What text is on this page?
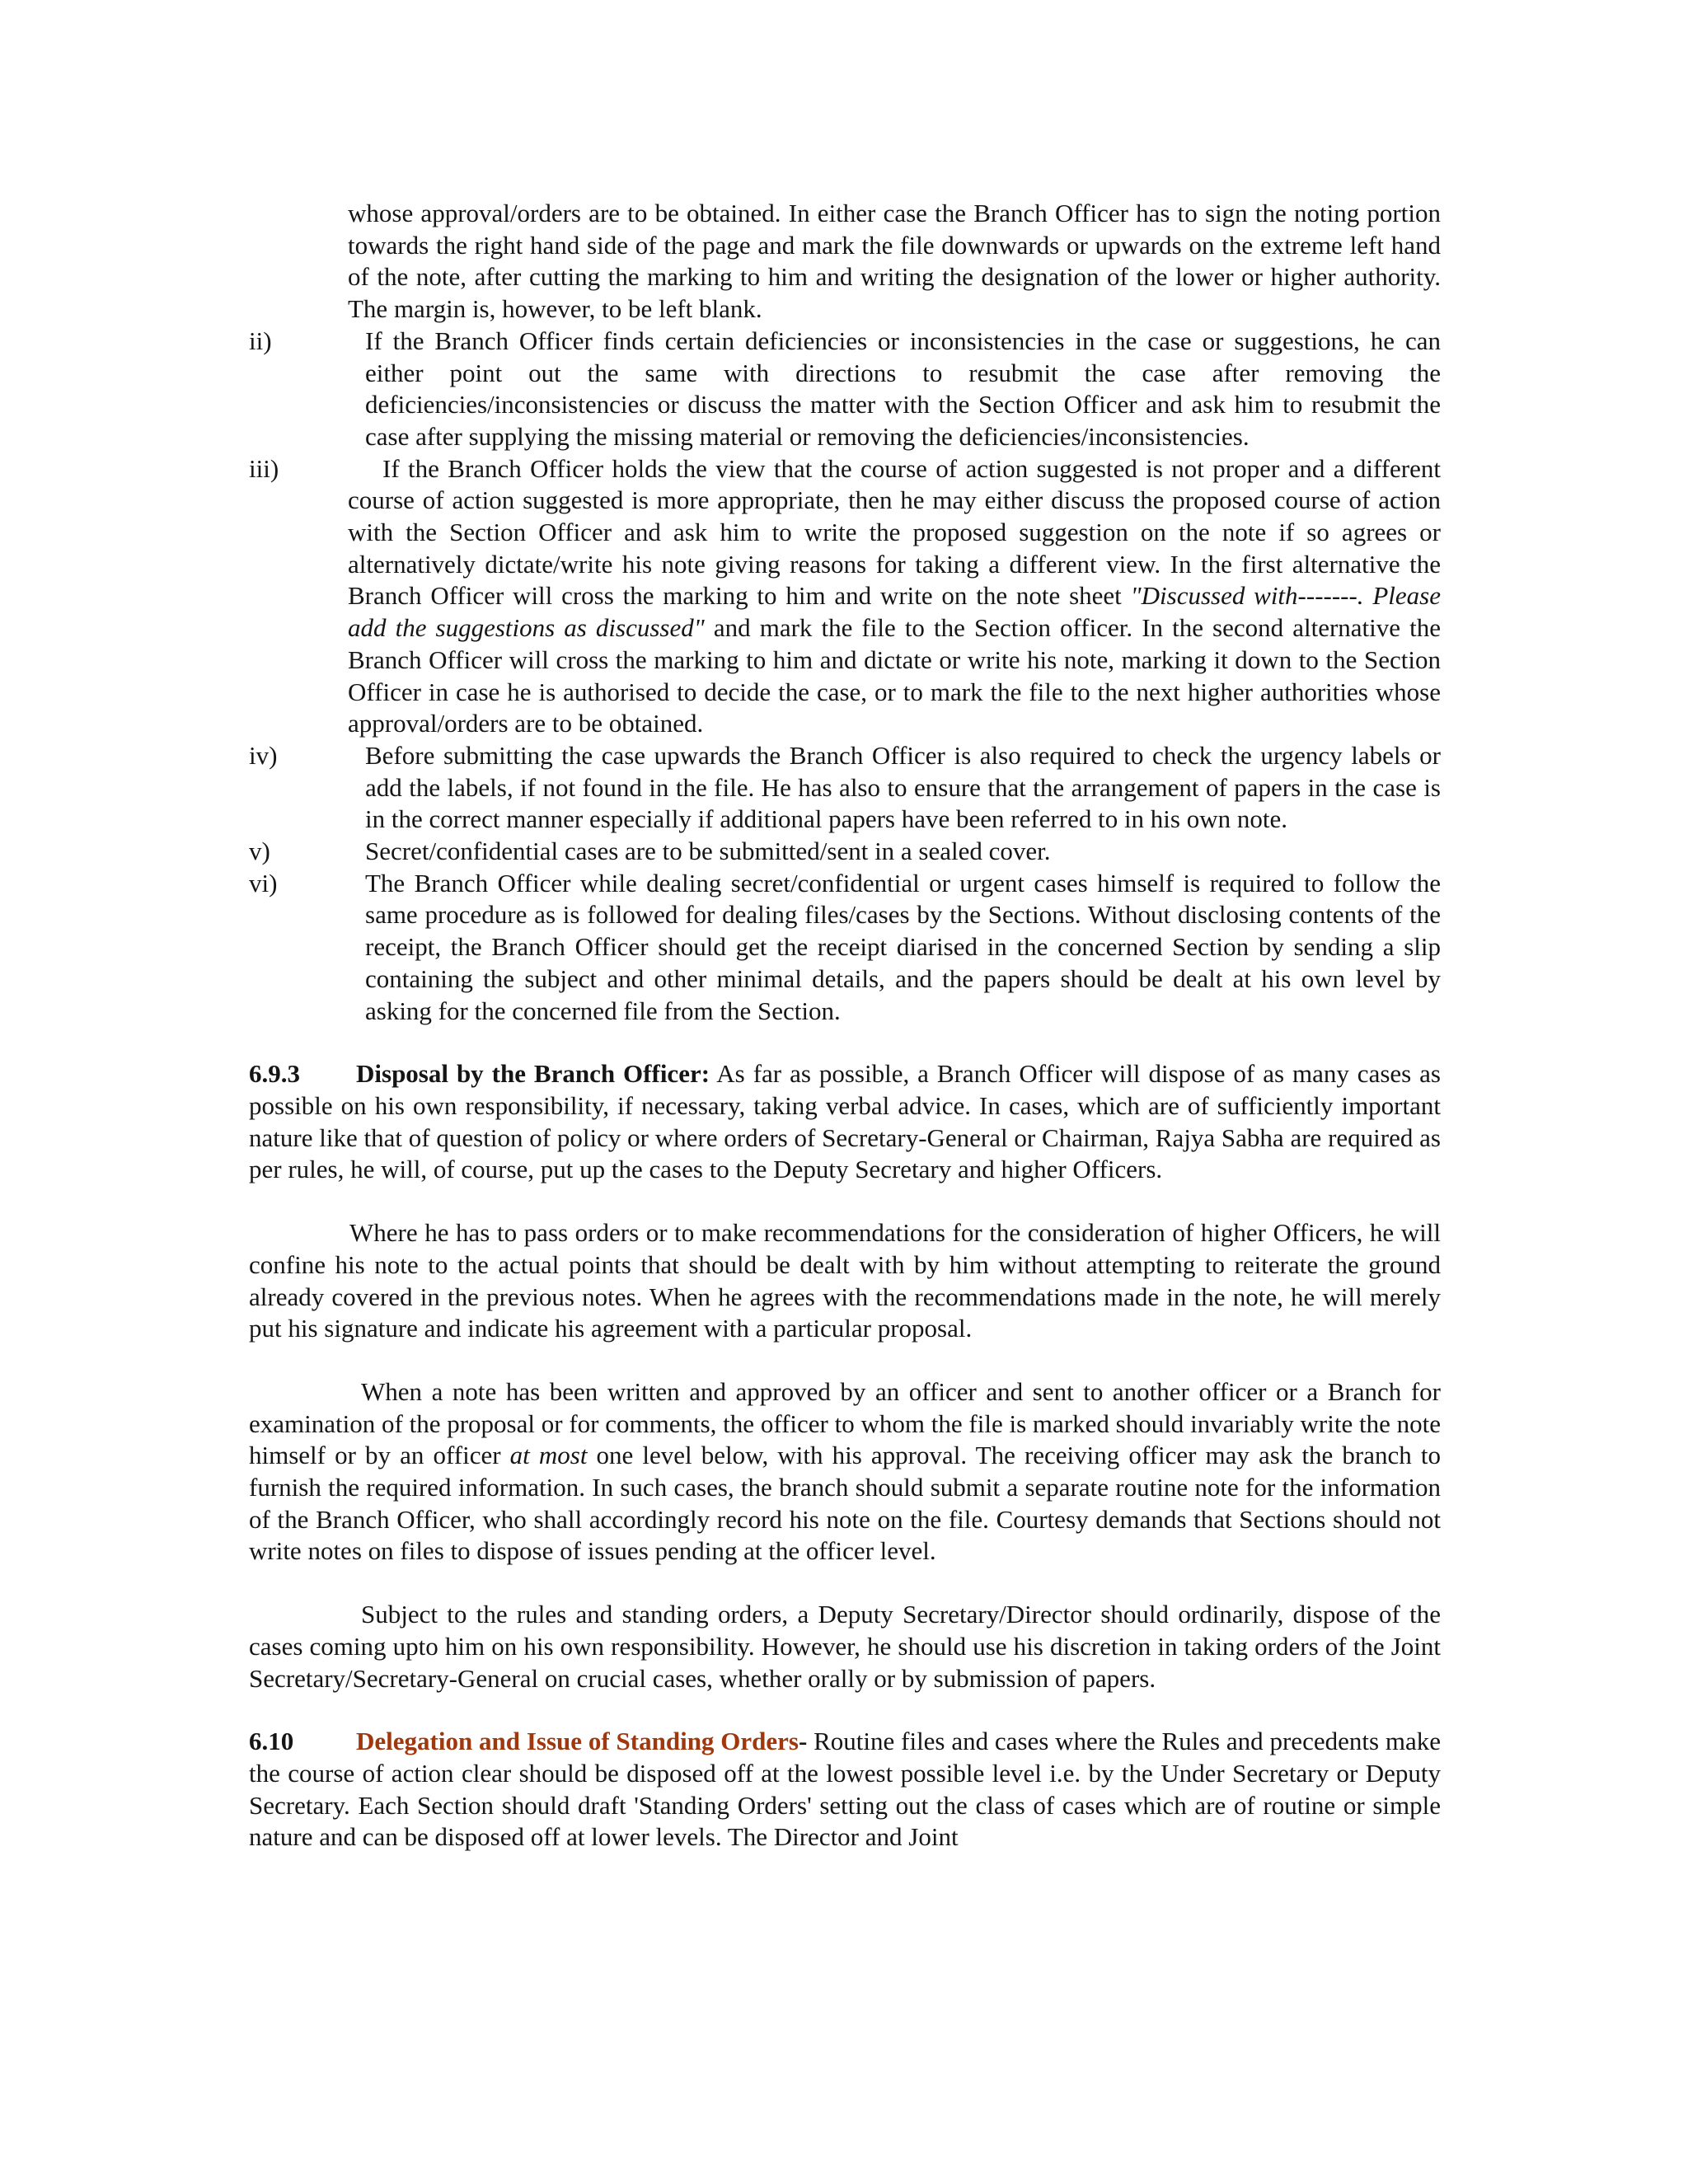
whose approval/orders are to be obtained. In either case the Branch Officer has to sign the noting portion towards the right hand side of the page and mark the file downwards or upwards on the extreme left hand of the note, after cutting the marking to him and writing the designation of the lower or higher authority. The margin is, however, to be left blank.

ii)	If the Branch Officer finds certain deficiencies or inconsistencies in the case or suggestions, he can either point out the same with directions to resubmit the case after removing the deficiencies/inconsistencies or discuss the matter with the Section Officer and ask him to resubmit the case after supplying the missing material or removing the deficiencies/inconsistencies.

iii)	If the Branch Officer holds the view that the course of action suggested is not proper and a different course of action suggested is more appropriate, then he may either discuss the proposed course of action with the Section Officer and ask him to write the proposed suggestion on the note if so agrees or alternatively dictate/write his note giving reasons for taking a different view. In the first alternative the Branch Officer will cross the marking to him and write on the note sheet "Discussed with-------. Please add the suggestions as discussed" and mark the file to the Section officer. In the second alternative the Branch Officer will cross the marking to him and dictate or write his note, marking it down to the Section Officer in case he is authorised to decide the case, or to mark the file to the next higher authorities whose approval/orders are to be obtained.

iv)	Before submitting the case upwards the Branch Officer is also required to check the urgency labels or add the labels, if not found in the file. He has also to ensure that the arrangement of papers in the case is in the correct manner especially if additional papers have been referred to in his own note.

v)	Secret/confidential cases are to be submitted/sent in a sealed cover.

vi)	The Branch Officer while dealing secret/confidential or urgent cases himself is required to follow the same procedure as is followed for dealing files/cases by the Sections. Without disclosing contents of the receipt, the Branch Officer should get the receipt diarised in the concerned Section by sending a slip containing the subject and other minimal details, and the papers should be dealt at his own level by asking for the concerned file from the Section.

6.9.3 Disposal by the Branch Officer: As far as possible, a Branch Officer will dispose of as many cases as possible on his own responsibility, if necessary, taking verbal advice. In cases, which are of sufficiently important nature like that of question of policy or where orders of Secretary-General or Chairman, Rajya Sabha are required as per rules, he will, of course, put up the cases to the Deputy Secretary and higher Officers.

Where he has to pass orders or to make recommendations for the consideration of higher Officers, he will confine his note to the actual points that should be dealt with by him without attempting to reiterate the ground already covered in the previous notes. When he agrees with the recommendations made in the note, he will merely put his signature and indicate his agreement with a particular proposal.

When a note has been written and approved by an officer and sent to another officer or a Branch for examination of the proposal or for comments, the officer to whom the file is marked should invariably write the note himself or by an officer at most one level below, with his approval. The receiving officer may ask the branch to furnish the required information. In such cases, the branch should submit a separate routine note for the information of the Branch Officer, who shall accordingly record his note on the file. Courtesy demands that Sections should not write notes on files to dispose of issues pending at the officer level.

Subject to the rules and standing orders, a Deputy Secretary/Director should ordinarily, dispose of the cases coming upto him on his own responsibility. However, he should use his discretion in taking orders of the Joint Secretary/Secretary-General on crucial cases, whether orally or by submission of papers.

6.10 Delegation and Issue of Standing Orders- Routine files and cases where the Rules and precedents make the course of action clear should be disposed off at the lowest possible level i.e. by the Under Secretary or Deputy Secretary. Each Section should draft 'Standing Orders' setting out the class of cases which are of routine or simple nature and can be disposed off at lower levels. The Director and Joint
